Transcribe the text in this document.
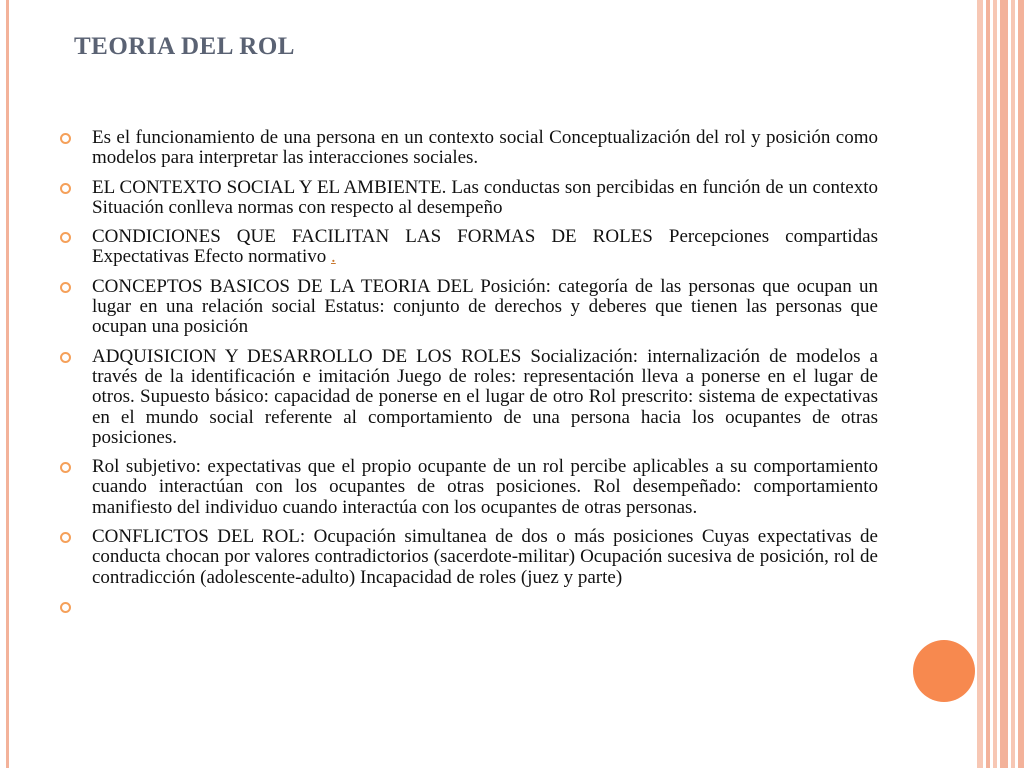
TEORIA DEL ROL
Es el funcionamiento de una persona en un contexto social Conceptualización del rol y posición como modelos para interpretar las interacciones sociales.
EL CONTEXTO SOCIAL Y EL AMBIENTE. Las conductas son percibidas en función de un contexto Situación conlleva normas con respecto al desempeño
CONDICIONES QUE FACILITAN LAS FORMAS DE ROLES Percepciones compartidas Expectativas Efecto normativo .
CONCEPTOS BASICOS DE LA TEORIA DEL Posición: categoría de las personas que ocupan un lugar en una relación social Estatus: conjunto de derechos y deberes que tienen las personas que ocupan una posición
ADQUISICION Y DESARROLLO DE LOS ROLES Socialización: internalización de modelos a través de la identificación e imitación Juego de roles: representación lleva a ponerse en el lugar de otros. Supuesto básico: capacidad de ponerse en el lugar de otro Rol prescrito: sistema de expectativas en el mundo social referente al comportamiento de una persona hacia los ocupantes de otras posiciones.
Rol subjetivo: expectativas que el propio ocupante de un rol percibe aplicables a su comportamiento cuando interactúan con los ocupantes de otras posiciones. Rol desempeñado: comportamiento manifiesto del individuo cuando interactúa con los ocupantes de otras personas.
CONFLICTOS DEL ROL: Ocupación simultanea de dos o más posiciones Cuyas expectativas de conducta chocan por valores contradictorios (sacerdote-militar) Ocupación sucesiva de posición, rol de contradicción (adolescente-adulto) Incapacidad de roles (juez y parte)
